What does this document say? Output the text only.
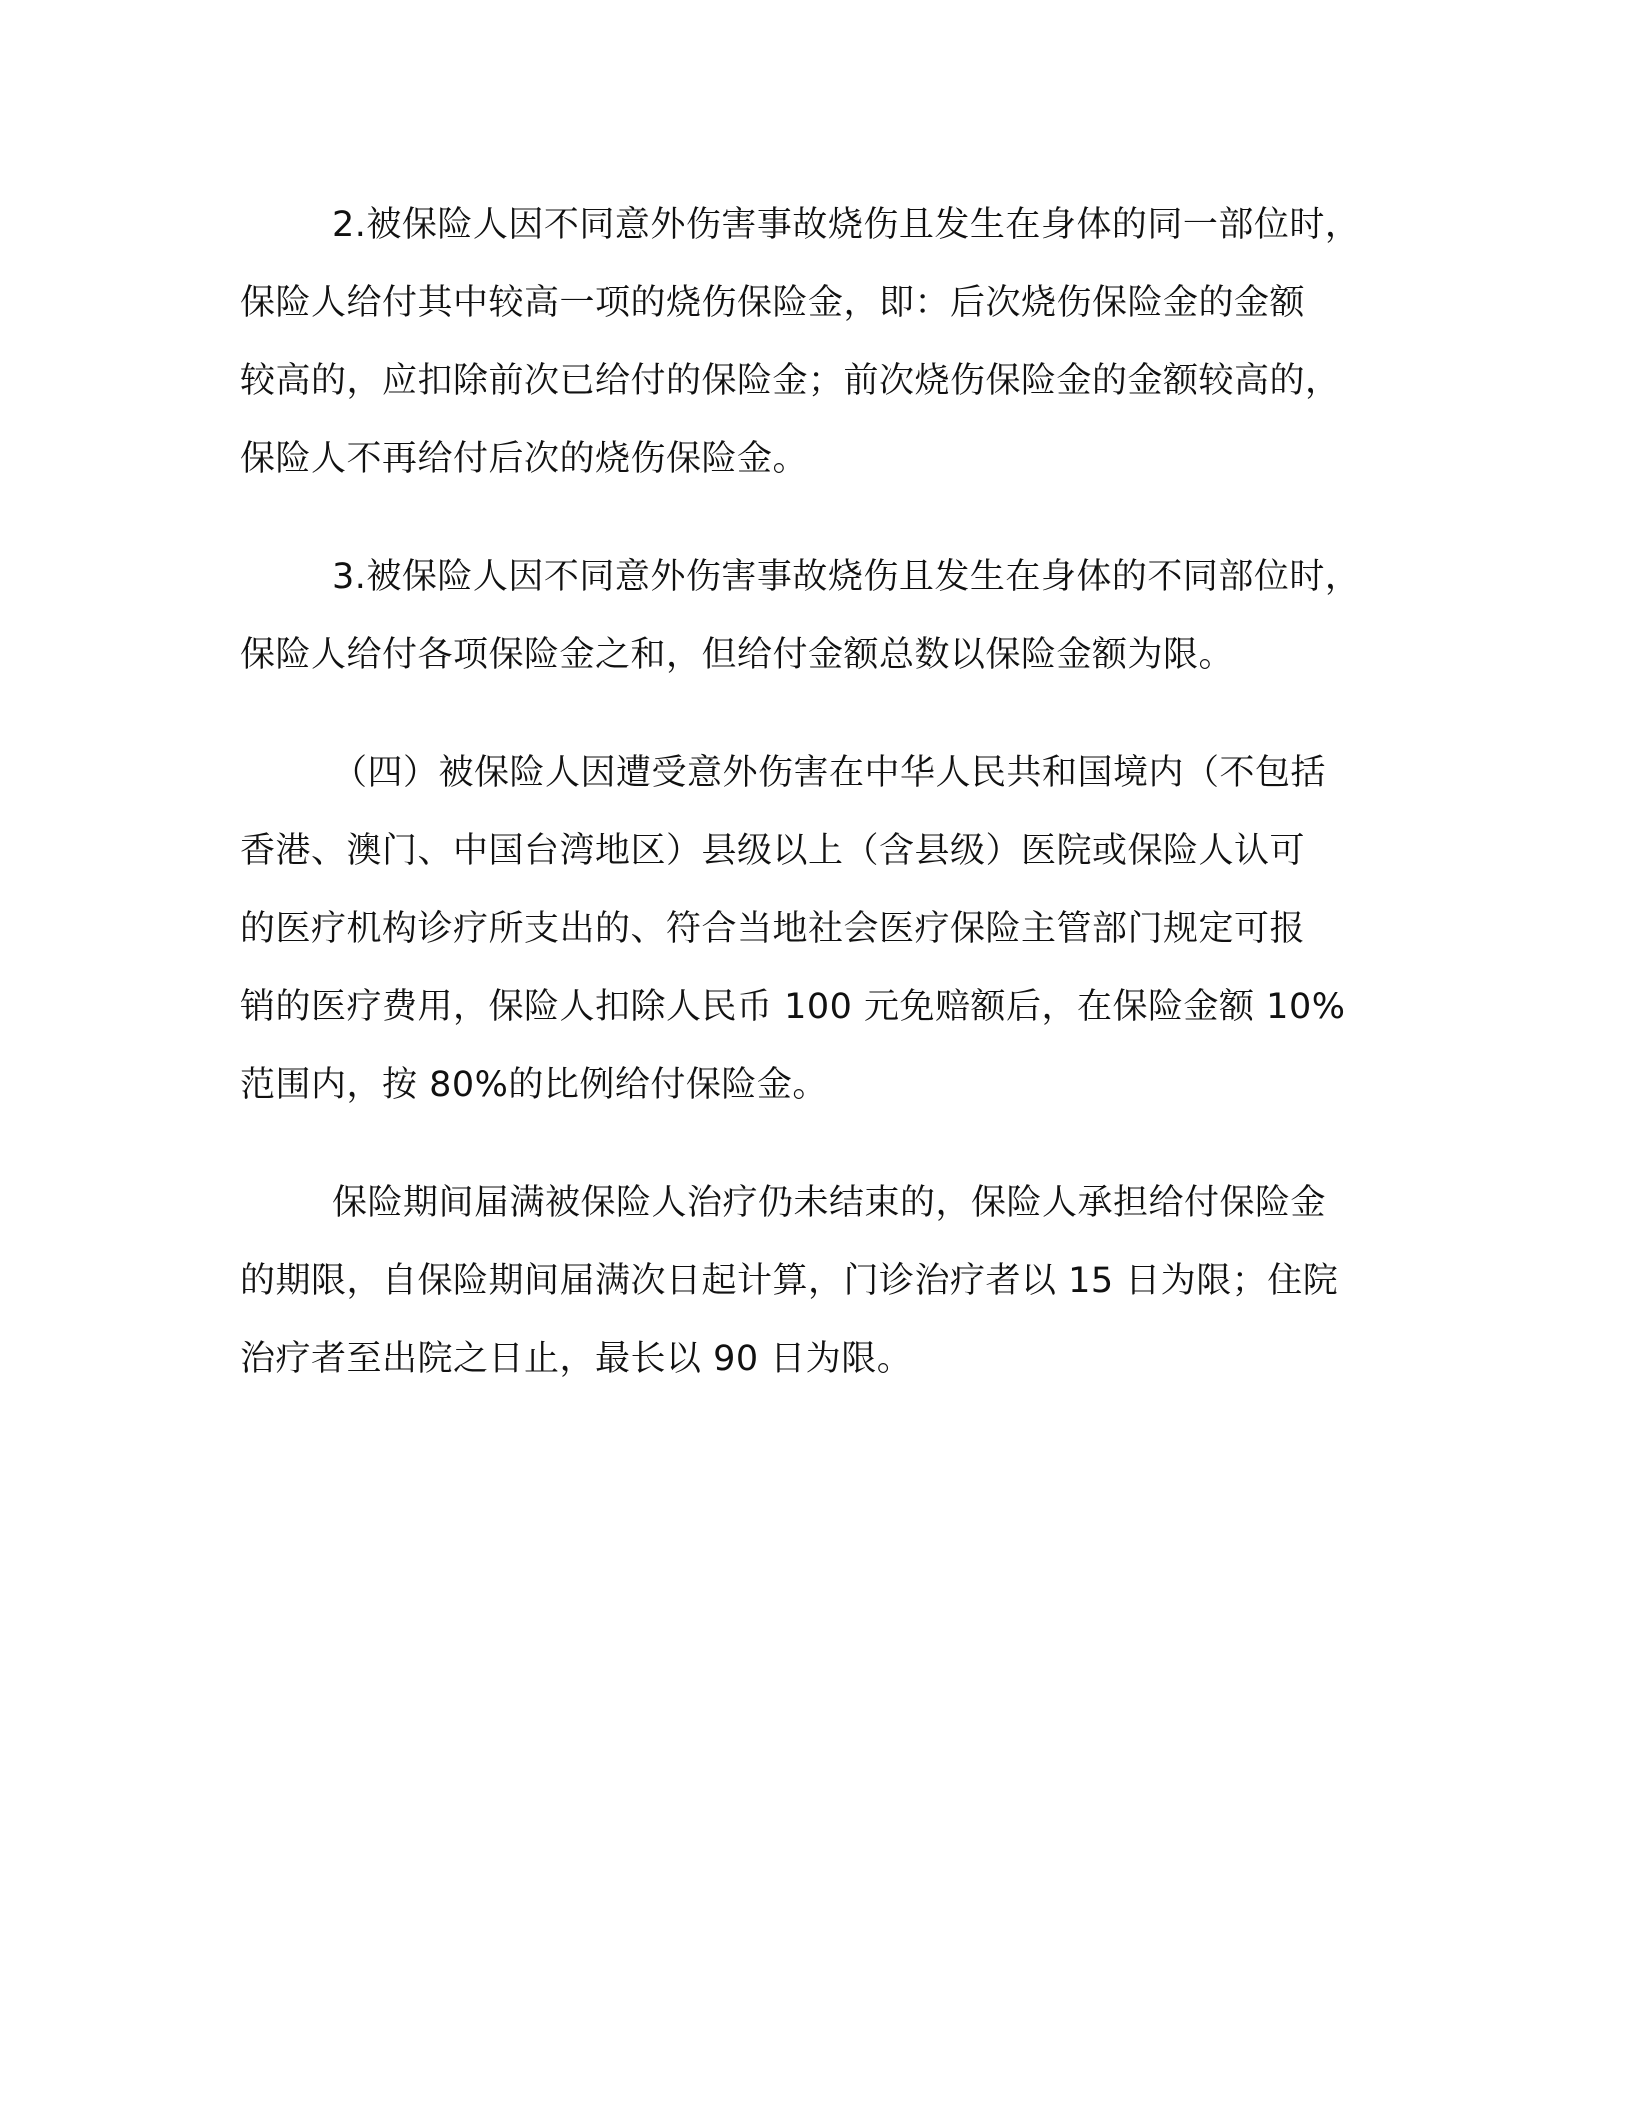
2.被保险人因不同意外伤害事故烧伤且发生在身体的同一部位时，
保险人给付其中较高一项的烧伤保险金，即：后次烧伤保险金的金额
较高的，应扣除前次已给付的保险金；前次烧伤保险金的金额较高的，
保险人不再给付后次的烧伤保险金。

3.被保险人因不同意外伤害事故烧伤且发生在身体的不同部位时，
保险人给付各项保险金之和，但给付金额总数以保险金额为限。

（四）被保险人因遭受意外伤害在中华人民共和国境内（不包括
香港、澳门、中国台湾地区）县级以上（含县级）医院或保险人认可
的医疗机构诊疗所支出的、符合当地社会医疗保险主管部门规定可报
销的医疗费用，保险人扣除人民币 100 元免赔额后，在保险金额 10%
范围内，按 80%的比例给付保险金。

保险期间届满被保险人治疗仍未结束的，保险人承担给付保险金
的期限，自保险期间届满次日起计算，门诊治疗者以 15 日为限；住院
治疗者至出院之日止，最长以 90 日为限。
